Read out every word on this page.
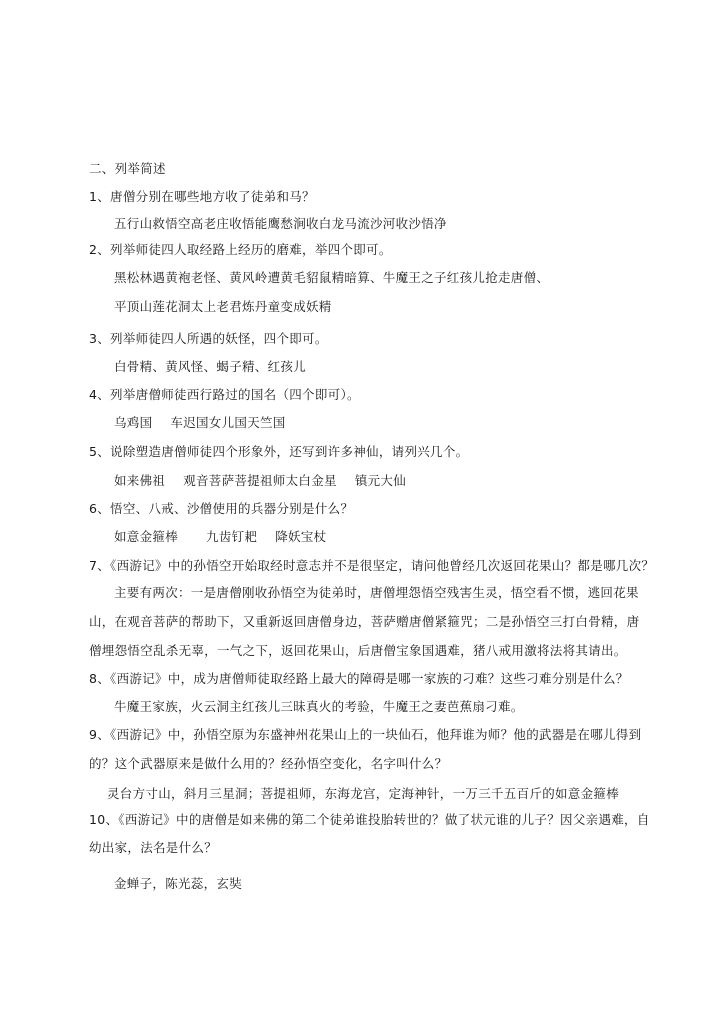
二、列举简述
1、唐僧分别在哪些地方收了徒弟和马？
五行山救悟空高老庄收悟能鹰愁涧收白龙马流沙河收沙悟净
2、列举师徒四人取经路上经历的磨难，举四个即可。
黑松林遇黄袍老怪、黄风岭遭黄毛貂鼠精暗算、牛魔王之子红孩儿抢走唐僧、
平顶山莲花洞太上老君炼丹童变成妖精
3、列举师徒四人所遇的妖怪，四个即可。
白骨精、黄风怪、蝎子精、红孩儿
4、列举唐僧师徒西行路过的国名（四个即可）。
乌鸡国 车迟国女儿国天竺国
5、说除塑造唐僧师徒四个形象外，还写到许多神仙，请列兴几个。
如来佛祖 观音菩萨菩提祖师太白金星 镇元大仙
6、悟空、八戒、沙僧使用的兵器分别是什么？
如意金箍棒 九齿钉耙 降妖宝杖
7、《西游记》中的孙悟空开始取经时意志并不是很坚定，请问他曾经几次返回花果山？都是哪几次？
主要有两次：一是唐僧刚收孙悟空为徒弟时，唐僧埋怨悟空残害生灵，悟空看不惯，逃回花果
山，在观音菩萨的帮助下，又重新返回唐僧身边，菩萨赠唐僧紧箍咒；二是孙悟空三打白骨精，唐
僧埋怨悟空乱杀无辜，一气之下，返回花果山，后唐僧宝象国遇难，猪八戒用激将法将其请出。
8、《西游记》中，成为唐僧师徒取经路上最大的障碍是哪一家族的刁难？这些刁难分别是什么？
牛魔王家族，火云洞主红孩儿三昧真火的考验，牛魔王之妻芭蕉扇刁难。
9、《西游记》中，孙悟空原为东盛神州花果山上的一块仙石，他拜谁为师？他的武器是在哪儿得到
的？这个武器原来是做什么用的？经孙悟空变化，名字叫什么？
灵台方寸山，斜月三星洞；菩提祖师，东海龙宫，定海神针，一万三千五百斤的如意金箍棒
10、《西游记》中的唐僧是如来佛的第二个徒弟谁投胎转世的？做了状元谁的儿子？因父亲遇难，自
幼出家，法名是什么？
金蝉子，陈光蕊，玄奘
